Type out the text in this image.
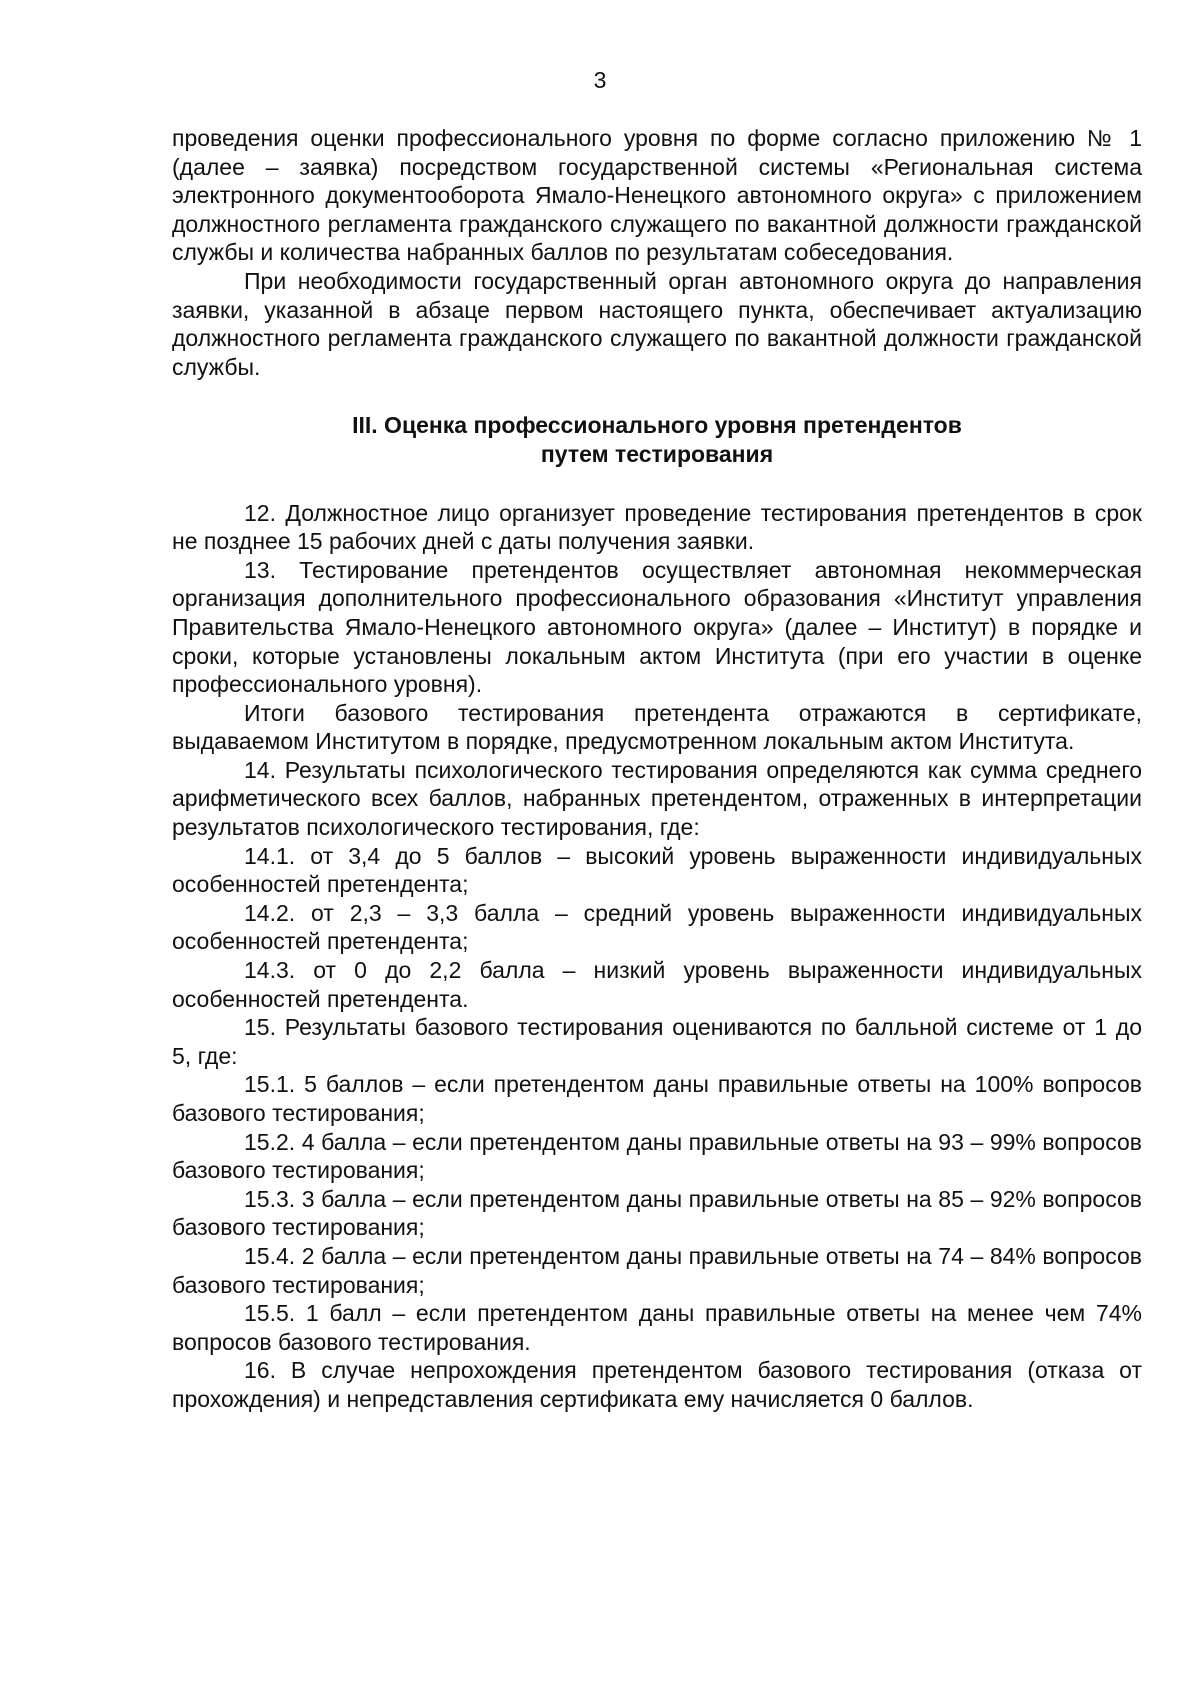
3

проведения оценки профессионального уровня по форме согласно приложению № 1 (далее – заявка) посредством государственной системы «Региональная система электронного документооборота Ямало-Ненецкого автономного округа» с приложением должностного регламента гражданского служащего по вакантной должности гражданской службы и количества набранных баллов по результатам собеседования.

При необходимости государственный орган автономного округа до направления заявки, указанной в абзаце первом настоящего пункта, обеспечивает актуализацию должностного регламента гражданского служащего по вакантной должности гражданской службы.

III. Оценка профессионального уровня претендентов
путем тестирования

12. Должностное лицо организует проведение тестирования претендентов в срок не позднее 15 рабочих дней с даты получения заявки.

13. Тестирование претендентов осуществляет автономная некоммерческая организация дополнительного профессионального образования «Институт управления Правительства Ямало-Ненецкого автономного округа» (далее – Институт) в порядке и сроки, которые установлены локальным актом Института (при его участии в оценке профессионального уровня).

Итоги базового тестирования претендента отражаются в сертификате, выдаваемом Институтом в порядке, предусмотренном локальным актом Института.

14. Результаты психологического тестирования определяются как сумма среднего арифметического всех баллов, набранных претендентом, отраженных в интерпретации результатов психологического тестирования, где:

14.1. от 3,4 до 5 баллов – высокий уровень выраженности индивидуальных особенностей претендента;

14.2. от 2,3 – 3,3 балла – средний уровень выраженности индивидуальных особенностей претендента;

14.3. от 0 до 2,2 балла – низкий уровень выраженности индивидуальных особенностей претендента.

15. Результаты базового тестирования оцениваются по балльной системе от 1 до 5, где:

15.1. 5 баллов – если претендентом даны правильные ответы на 100% вопросов базового тестирования;

15.2. 4 балла – если претендентом даны правильные ответы на 93 – 99% вопросов базового тестирования;

15.3. 3 балла – если претендентом даны правильные ответы на 85 – 92% вопросов базового тестирования;

15.4. 2 балла – если претендентом даны правильные ответы на 74 – 84% вопросов базового тестирования;

15.5. 1 балл – если претендентом даны правильные ответы на менее чем 74% вопросов базового тестирования.

16. В случае непрохождения претендентом базового тестирования (отказа от прохождения) и непредставления сертификата ему начисляется 0 баллов.
